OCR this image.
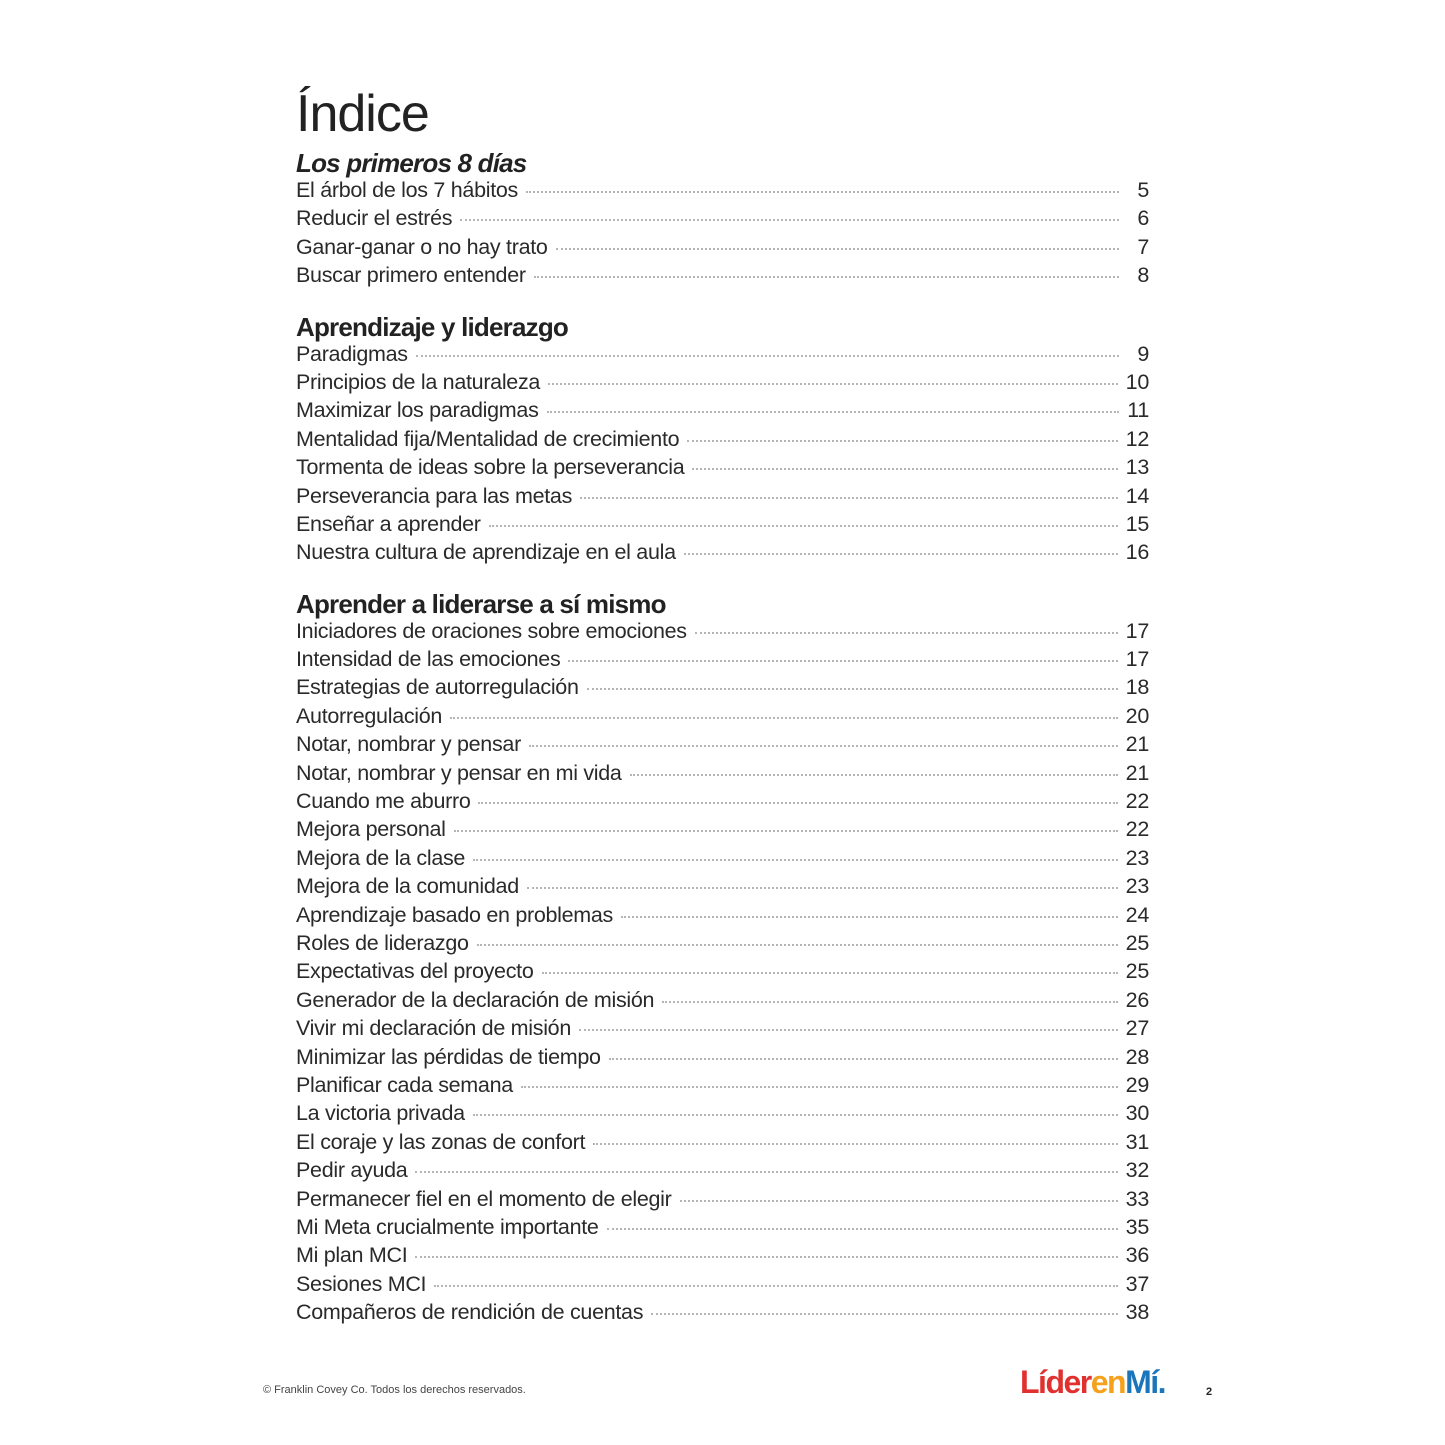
Índice
Los primeros 8 días
El árbol de los 7 hábitos	5
Reducir el estrés	6
Ganar-ganar o no hay trato	7
Buscar primero entender	8
Aprendizaje y liderazgo
Paradigmas	9
Principios de la naturaleza	10
Maximizar los paradigmas	11
Mentalidad fija/Mentalidad de crecimiento	12
Tormenta de ideas sobre la perseverancia	13
Perseverancia para las metas	14
Enseñar a aprender	15
Nuestra cultura de aprendizaje en el aula	16
Aprender a liderarse a sí mismo
Iniciadores de oraciones sobre emociones	17
Intensidad de las emociones	17
Estrategias de autorregulación	18
Autorregulación	20
Notar, nombrar y pensar	21
Notar, nombrar y pensar en mi vida	21
Cuando me aburro	22
Mejora personal	22
Mejora de la clase	23
Mejora de la comunidad	23
Aprendizaje basado en problemas	24
Roles de liderazgo	25
Expectativas del proyecto	25
Generador de la declaración de misión	26
Vivir mi declaración de misión	27
Minimizar las pérdidas de tiempo	28
Planificar cada semana	29
La victoria privada	30
El coraje y las zonas de confort	31
Pedir ayuda	32
Permanecer fiel en el momento de elegir	33
Mi Meta crucialmente importante	35
Mi plan MCI	36
Sesiones MCI	37
Compañeros de rendición de cuentas	38
© Franklin Covey Co. Todos los derechos reservados.	LíderenMí.	2
